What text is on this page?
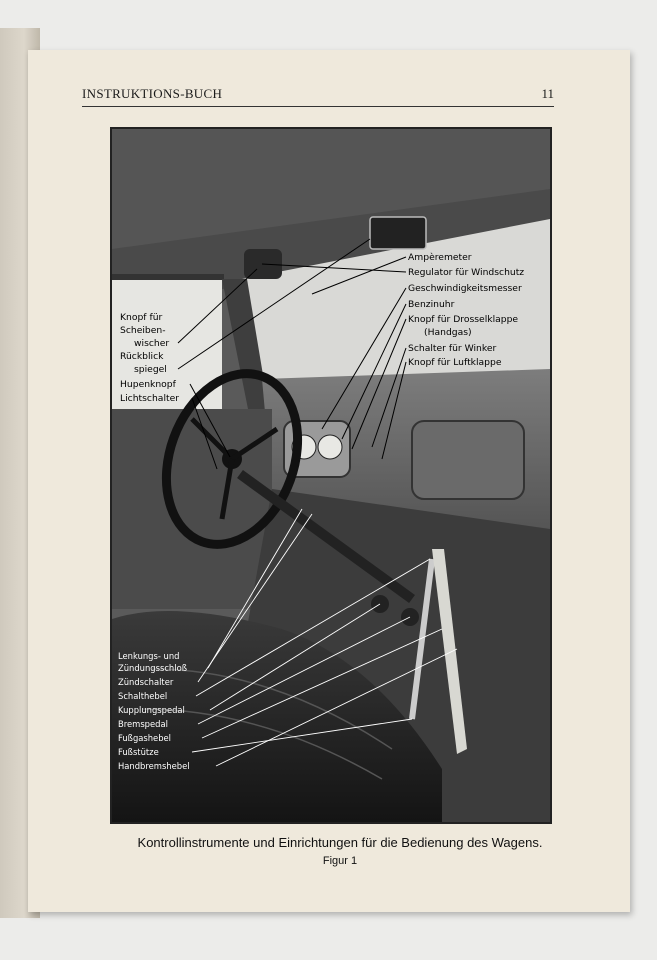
INSTRUKTIONS-BUCH	11
Ampèremeter
Regulator für Windschutz
Geschwindigkeitsmesser
Benzinuhr
Knopf für Drosselklappe
(Handgas)
Schalter für Winker
Knopf für Luftklappe
Knopf für
Scheiben-
wischer
Rückblick
spiegel
Hupenknopf
Lichtschalter
Lenkungs- und
Zündungsschloß
Zündschalter
Schalthebel
Kupplungspedal
Bremspedal
Fußgashebel
Fußstütze
Handbremshebel
Kontrollinstrumente und Einrichtungen für die Bedienung des Wagens.
Figur 1
